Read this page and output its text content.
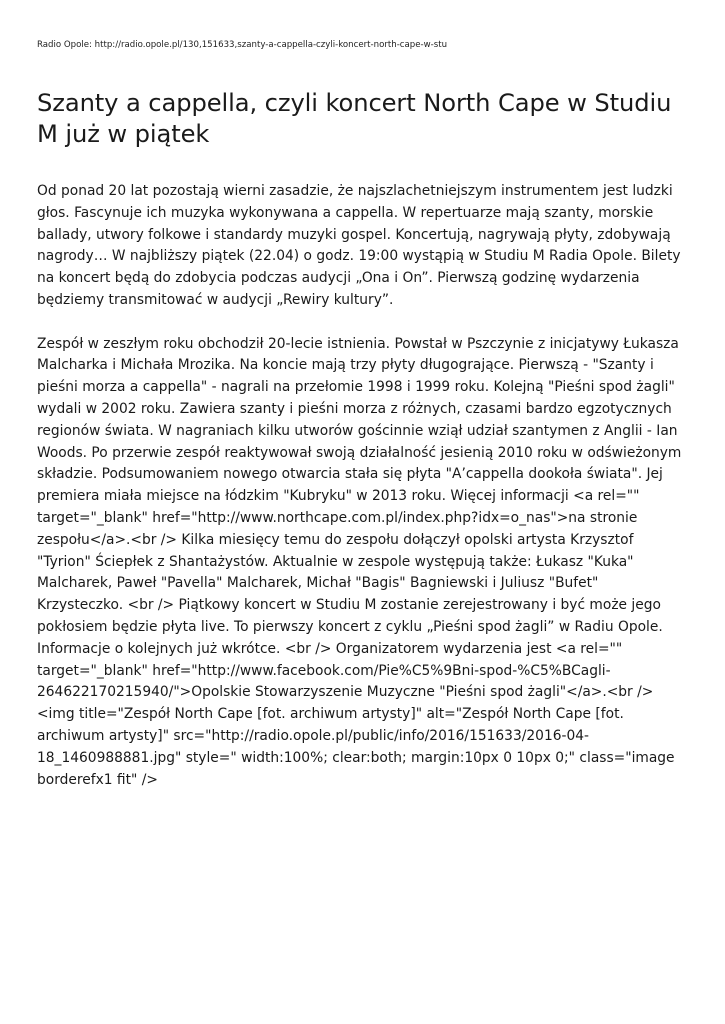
Radio Opole: http://radio.opole.pl/130,151633,szanty-a-cappella-czyli-koncert-north-cape-w-stu
Szanty a cappella, czyli koncert North Cape w Studiu M już w piątek

Od ponad 20 lat pozostają wierni zasadzie, że najszlachetniejszym instrumentem jest ludzki głos. Fascynuje ich muzyka wykonywana a cappella. W repertuarze mają szanty, morskie ballady, utwory folkowe i standardy muzyki gospel. Koncertują, nagrywają płyty, zdobywają nagrody… W najbliższy piątek (22.04) o godz. 19:00 wystąpią w Studiu M Radia Opole. Bilety na koncert będą do zdobycia podczas audycji „Ona i On”. Pierwszą godzinę wydarzenia będziemy transmitować w audycji „Rewiry kultury”.

Zespół w zeszłym roku obchodził 20-lecie istnienia. Powstał w Pszczynie z inicjatywy Łukasza Malcharka i Michała Mrozika. Na koncie mają trzy płyty długogrające. Pierwszą - "Szanty i pieśni morza a cappella" - nagrali na przełomie 1998 i 1999 roku. Kolejną "Pieśni spod żagli" wydali w 2002 roku. Zawiera szanty i pieśni morza z różnych, czasami bardzo egzotycznych regionów świata. W nagraniach kilku utworów gościnnie wziął udział szantymen z Anglii - Ian Woods. Po przerwie zespół reaktywował swoją działalność jesienią 2010 roku w odświeżonym składzie. Podsumowaniem nowego otwarcia stała się płyta "A’cappella dookoła świata". Jej premiera miała miejsce na łódzkim "Kubryku" w 2013 roku. Więcej informacji <a rel="" target="_blank" href="http://www.northcape.com.pl/index.php?idx=o_nas">na stronie zespołu</a>.<br /> Kilka miesięcy temu do zespołu dołączył opolski artysta Krzysztof "Tyrion" Ściepłek z Shantażystów. Aktualnie w zespole występują także: Łukasz "Kuka" Malcharek, Paweł "Pavella" Malcharek, Michał "Bagis" Bagniewski i Juliusz "Bufet" Krzysteczko. <br /> Piątkowy koncert w Studiu M zostanie zerejestrowany i być może jego pokłosiem będzie płyta live. To pierwszy koncert z cyklu „Pieśni spod żagli” w Radiu Opole. Informacje o kolejnych już wkrótce. <br /> Organizatorem wydarzenia jest <a rel="" target="_blank" href="http://www.facebook.com/Pie%C5%9Bni-spod-%C5%BCagli-264622170215940/">Opolskie Stowarzyszenie Muzyczne "Pieśni spod żagli"</a>.<br /> <img title="Zespół North Cape [fot. archiwum artysty]" alt="Zespół North Cape [fot. archiwum artysty]" src="http://radio.opole.pl/public/info/2016/151633/2016-04-18_1460988881.jpg" style=" width:100%; clear:both; margin:10px 0 10px 0;" class="image borderefx1 fit" />
